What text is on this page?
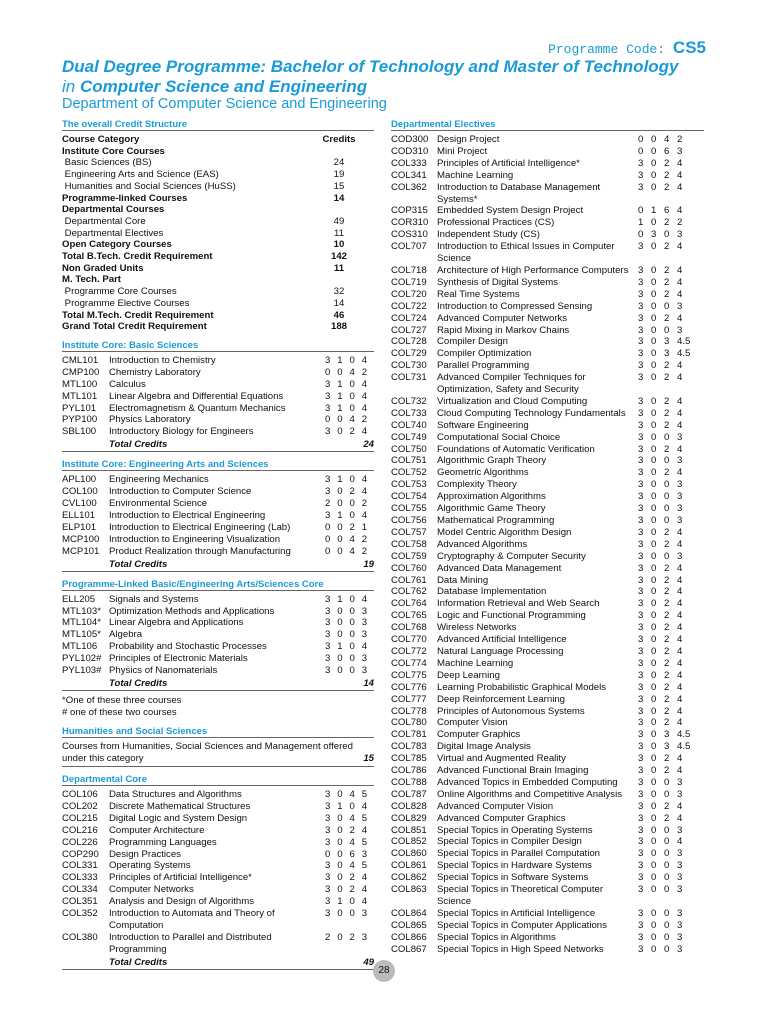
Programme Code: CS5
Dual Degree Programme: Bachelor of Technology and Master of Technology
in Computer Science and Engineering
Department of Computer Science and Engineering
The overall Credit Structure
Course Category	Credits
Institute Core Courses
Basic Sciences (BS)	24
Engineering Arts and Science (EAS)	19
Humanities and Social Sciences (HuSS)	15
Programme-linked Courses	14
Departmental Courses
Departmental Core	49
Departmental Electives	11
Open Category Courses	10
Total B.Tech. Credit Requirement	142
Non Graded Units	11
M. Tech. Part
Programme Core Courses	32
Programme Elective Courses	14
Total M.Tech. Credit Requirement	46
Grand Total Credit Requirement	188
Institute Core: Basic Sciences
CML101	Introduction to Chemistry	3 1 0 4
CMP100	Chemistry Laboratory	0 0 4 2
MTL100	Calculus	3 1 0 4
MTL101	Linear Algebra and Differential Equations	3 1 0 4
PYL101	Electromagnetism & Quantum Mechanics	3 1 0 4
PYP100	Physics Laboratory	0 0 4 2
SBL100	Introductory Biology for Engineers	3 0 2 4
Total Credits	24
Institute Core: Engineering Arts and Sciences
APL100	Engineering Mechanics	3 1 0 4
COL100	Introduction to Computer Science	3 0 2 4
CVL100	Environmental Science	2 0 0 2
ELL101	Introduction to Electrical Engineering	3 1 0 4
ELP101	Introduction to Electrical Engineering (Lab)	0 0 2 1
MCP100	Introduction to Engineering Visualization	0 0 4 2
MCP101	Product Realization through Manufacturing	0 0 4 2
Total Credits	19
Programme-Linked Basic/Engineering Arts/Sciences Core
ELL205	Signals and Systems	3 1 0 4
MTL103* Optimization Methods and Applications	3 0 0 3
MTL104* Linear Algebra and Applications	3 0 0 3
MTL105* Algebra	3 0 0 3
MTL106	Probability and Stochastic Processes	3 1 0 4
PYL102# Principles of Electronic Materials	3 0 0 3
PYL103# Physics of Nanomaterials	3 0 0 3
Total Credits	14
*One of these three courses
# one of these two courses
Humanities and Social Sciences
Courses from Humanities, Social Sciences and Management offered under this category	15
Departmental Core
COL106	Data Structures and Algorithms	3 0 4 5
COL202	Discrete Mathematical Structures	3 1 0 4
COL215	Digital Logic and System Design	3 0 4 5
COL216	Computer Architecture	3 0 2 4
COL226	Programming Languages	3 0 4 5
COP290	Design Practices	0 0 6 3
COL331	Operating Systems	3 0 4 5
COL333	Principles of Artificial Intelligence*	3 0 2 4
COL334	Computer Networks	3 0 2 4
COL351	Analysis and Design of Algorithms	3 1 0 4
COL352	Introduction to Automata and Theory of Computation
3 0 0 3
COL380	Introduction to Parallel and Distributed Programming
2 0 2 3
Total Credits	49
Departmental Electives
COD300 Design Project	0 0 4 2
COD310 Mini Project	0 0 6 3
COL333	Principles of Artificial Intelligence*	3 0 2 4
COL341	Machine Learning	3 0 2 4
COL362	Introduction to Database Management Systems*
3 0 2 4
COP315 Embedded System Design Project	0 1 6 4
COR310 Professional Practices (CS)	1 0 2 2
COS310 Independent Study (CS)	0 3 0 3
COL707	Introduction to Ethical Issues in Computer Science
3 0 2 4
COL718	Architecture of High Performance Computers 3 0 2 4
COL719	Synthesis of Digital Systems	3 0 2 4
COL720	Real Time Systems	3 0 2 4
COL722	Introduction to Compressed Sensing	3 0 0 3
COL724	Advanced Computer Networks	3 0 2 4
COL727	Rapid Mixing in Markov Chains	3 0 0 3
COL728	Compiler Design	3 0 3 4.5
COL729	Compiler Optimization	3 0 3 4.5
COL730	Parallel Programming	3 0 2 4
COL731	Advanced Compiler Techniques for Optimization, Safety and Security
3 0 2 4
COL732	Virtualization and Cloud Computing	3 0 2 4
COL733	Cloud Computing Technology Fundamentals	3 0 2 4
COL740	Software Engineering	3 0 2 4
COL749	Computational Social Choice	3 0 0 3
COL750	Foundations of Automatic Verification	3 0 2 4
COL751	Algorithmic Graph Theory	3 0 0 3
COL752	Geometric Algorithms	3 0 2 4
COL753	Complexity Theory	3 0 0 3
COL754	Approximation Algorithms	3 0 0 3
COL755	Algorithmic Game Theory	3 0 0 3
COL756	Mathematical Programming	3 0 0 3
COL757	Model Centric Algorithm Design	3 0 2 4
COL758	Advanced Algorithms	3 0 2 4
COL759	Cryptography & Computer Security	3 0 0 3
COL760	Advanced Data Management	3 0 2 4
COL761	Data Mining	3 0 2 4
COL762	Database Implementation	3 0 2 4
COL764	Information Retrieval and Web Search	3 0 2 4
COL765	Logic and Functional Programming	3 0 2 4
COL768	Wireless Networks	3 0 2 4
COL770	Advanced Artificial Intelligence	3 0 2 4
COL772	Natural Language Processing	3 0 2 4
COL774	Machine Learning	3 0 2 4
COL775	Deep Learning	3 0 2 4
COL776	Learning Probabilistic Graphical Models	3 0 2 4
COL777	Deep Reinforcement Learning	3 0 2 4
COL778	Principles of Autonomous Systems	3 0 2 4
COL780	Computer Vision	3 0 2 4
COL781	Computer Graphics	3 0 3 4.5
COL783	Digital Image Analysis	3 0 3 4.5
COL785	Virtual and Augmented Reality	3 0 2 4
COL786	Advanced Functional Brain Imaging	3 0 2 4
COL788	Advanced Topics in Embedded Computing	3 0 0 3
COL787	Online Algorithms and Competitive Analysis	3 0 0 3
COL828	Advanced Computer Vision	3 0 2 4
COL829	Advanced Computer Graphics	3 0 2 4
COL851	Special Topics in Operating Systems	3 0 0 3
COL852	Special Topics in Compiler Design	3 0 0 4
COL860	Special Topics in Parallel Computation	3 0 0 3
COL861	Special Topics in Hardware Systems	3 0 0 3
COL862	Special Topics in Software Systems	3 0 0 3
COL863	Special Topics in Theoretical Computer Science
3 0 0 3
COL864	Special Topics in Artificial Intelligence	3 0 0 3
COL865	Special Topics in Computer Applications	3 0 0 3
COL866	Special Topics in Algorithms	3 0 0 3
COL867	Special Topics in High Speed Networks	3 0 0 3
28
